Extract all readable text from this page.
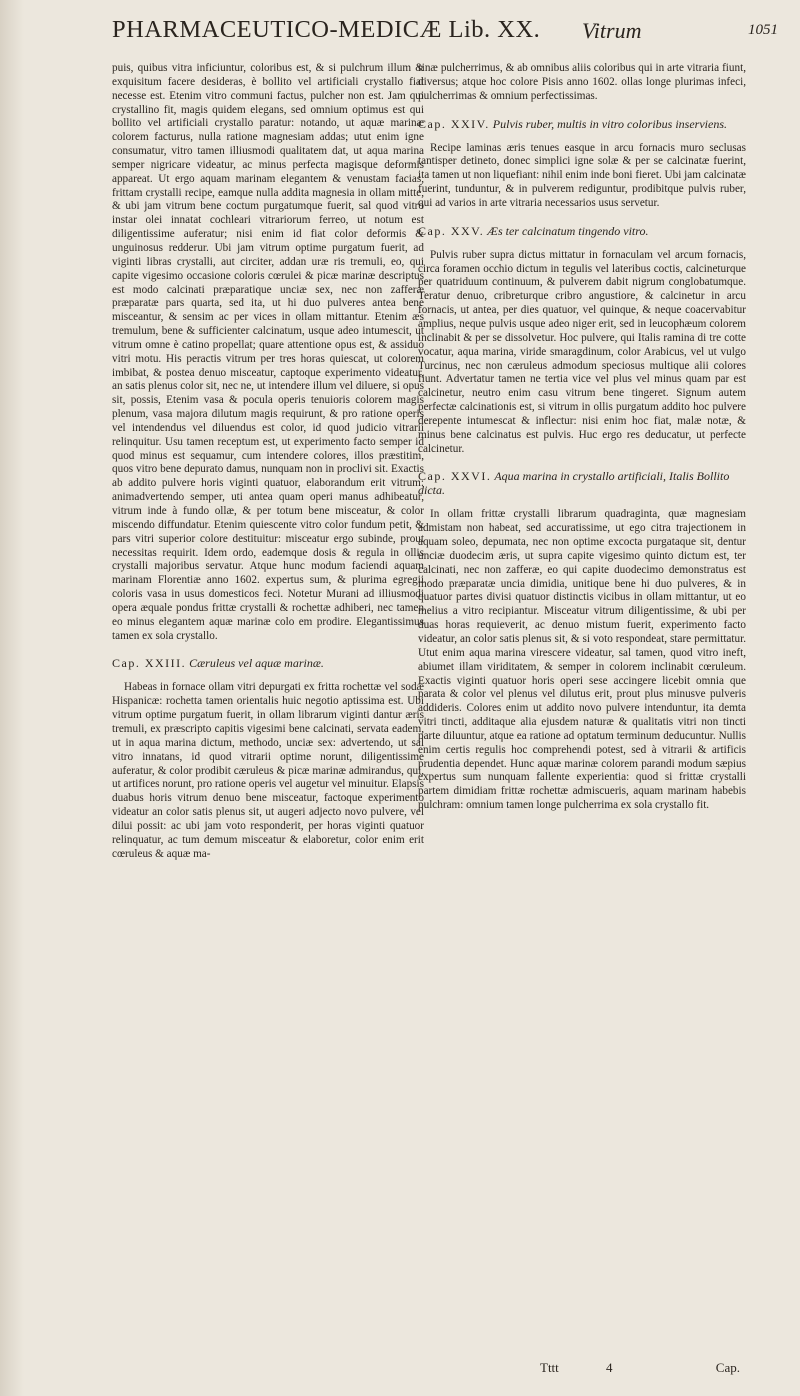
PHARMACEUTICO-MEDICÆ Lib. XX. Vitrum	1051

puis, quibus vitra inficiuntur, coloribus est, & si pulchrum illum & exquisitum facere desideras, è bollito vel artificiali crystallo fiat necesse est. Etenim vitro communi factus, pulcher non est. Jam qui crystallino fit, magis quidem elegans, sed omnium optimus est qui bollito vel artificiali crystallo paratur: notando, ut aquæ marinæ colorem facturus, nulla ratione magnesiam addas; utut enim igne consumatur, vitro tamen illiusmodi qualitatem dat, ut aqua marina semper nigricare videatur, ac minus perfecta magisque deformis appareat. Ut ergo aquam marinam elegantem & venustam facias, frittam crystalli recipe, eamque nulla addita magnesia in ollam mitte, & ubi jam vitrum bene coctum purgatumque fuerit, sal quod vitro instar olei innatat cochleari vitrariorum ferreo, ut notum est diligentissime auferatur; nisi enim id fiat color deformis & unguinosus redderur. Ubi jam vitrum optime purgatum fuerit, ad viginti libras crystalli, aut circiter, addan uræ ris tremuli, eo, qui capite vigesimo occasione coloris cœrulei & picæ marinæ descriptus est modo calcinati præparatique unciæ sex, nec non zafferæ præparatæ pars quarta, sed ita, ut hi duo pulveres antea bene misceantur, & sensim ac per vices in ollam mittantur. Etenim æs tremulum, bene & sufficienter calcinatum, usque adeo intumescit, ut vitrum omne è catino propellat; quare attentione opus est, & assiduo vitri motu. His peractis vitrum per tres horas quiescat, ut colorem imbibat, & postea denuo misceatur, captoque experimento videatur, an satis plenus color sit, nec ne, ut intendere illum vel diluere, si opus sit, possis, Etenim vasa & pocula operis tenuioris colorem magis plenum, vasa majora dilutum magis requirunt, & pro ratione operis vel intendendus vel diluendus est color, id quod judicio vitrarii relinquitur. Usu tamen receptum est, ut experimento facto semper id quod minus est sequamur, cum intendere colores, illos præstitim, quos vitro bene depurato damus, nunquam non in proclivi sit. Exactis ab addito pulvere horis viginti quatuor, elaborandum erit vitrum: animadvertendo semper, uti antea quam operi manus adhibeatur, vitrum inde à fundo ollæ, & per totum bene misceatur, & color miscendo diffundatur. Etenim quiescente vitro color fundum petit, & pars vitri superior colore destituitur: misceatur ergo subinde, prout necessitas requirit. Idem ordo, eademque dosis & regula in ollis crystalli majoribus servatur. Atque hunc modum faciendi aquam marinam Florentiæ anno 1602. expertus sum, & plurima egregii coloris vasa in usus domesticos feci. Notetur Murani ad illiusmodi opera æquale pondus frittæ crystalli & rochettæ adhiberi, nec tamen eo minus elegantem aquæ marinæ colo em prodire. Elegantissimus tamen ex sola crystallo.

Cap. XXIII. Cæruleus vel aquæ marinæ.

Habeas in fornace ollam vitri depurgati ex fritta rochettæ vel sodæ Hispanicæ: rochetta tamen orientalis huic negotio aptissima est. Ubi vitrum optime purgatum fuerit, in ollam librarum viginti dantur æris tremuli, ex præscripto capitis vigesimi bene calcinati, servata eadem, ut in aqua marina dictum, methodo, unciæ sex: advertendo, ut sal vitro innatans, id quod vitrarii optime norunt, diligentissime auferatur, & color prodibit cæruleus & picæ marinæ admirandus, qui, ut artifices norunt, pro ratione operis vel augetur vel minuitur. Elapsis duabus horis vitrum denuo bene misceatur, factoque experimento videatur an color satis plenus sit, ut augeri adjecto novo pulvere, vel dilui possit: ac ubi jam voto responderit, per horas viginti quatuor relinquatur, ac tum demum misceatur & elaboretur, color enim erit cœruleus & aquæ ma-

rinæ pulcherrimus, & ab omnibus aliis coloribus qui in arte vitraria fiunt, diversus; atque hoc colore Pisis anno 1602. ollas longe plurimas infeci, pulcherrimas & omnium perfectissimas.

Cap. XXIV. Pulvis ruber, multis in vitro coloribus inserviens.

Recipe laminas æris tenues easque in arcu fornacis muro seclusas tantisper detineto, donec simplici igne solæ & per se calcinatæ fuerint, ita tamen ut non liquefiant: nihil enim inde boni fieret. Ubi jam calcinatæ fuerint, tunduntur, & in pulverem rediguntur, prodibitque pulvis ruber, qui ad varios in arte vitraria necessarios usus servetur.

Cap. XXV. Æs ter calcinatum tingendo vitro.

Pulvis ruber supra dictus mittatur in fornaculam vel arcum fornacis, circa foramen occhio dictum in tegulis vel lateribus coctis, calcineturque per quatriduum continuum, & pulverem dabit nigrum conglobatumque. Teratur denuo, cribreturque cribro angustiore, & calcinetur in arcu fornacis, ut antea, per dies quatuor, vel quinque, & neque coacervabitur amplius, neque pulvis usque adeo niger erit, sed in leucophæum colorem inclinabit & per se dissolvetur. Hoc pulvere, qui Italis ramina di tre cotte vocatur, aqua marina, viride smaragdinum, color Arabicus, vel ut vulgo Turcinus, nec non cæruleus admodum speciosus multique alii colores fiunt. Advertatur tamen ne tertia vice vel plus vel minus quam par est calcinetur, neutro enim casu vitrum bene tingeret. Signum autem perfectæ calcinationis est, si vitrum in ollis purgatum addito hoc pulvere derepente intumescat & inflectur: nisi enim hoc fiat, malæ notæ, & minus bene calcinatus est pulvis. Huc ergo res deducatur, ut perfecte calcinetur.

Cap. XXVI. Aqua marina in crystallo artificiali, Italis Bollito dicta.

In ollam frittæ crystalli librarum quadraginta, quæ magnesiam admistam non habeat, sed accuratissime, ut ego citra trajectionem in aquam soleo, depumata, nec non optime excocta purgataque sit, dentur unciæ duodecim æris, ut supra capite vigesimo quinto dictum est, ter calcinati, nec non zafferæ, eo qui capite duodecimo demonstratus est modo præparatæ uncia dimidia, unitique bene hi duo pulveres, & in quatuor partes divisi quatuor distinctis vicibus in ollam mittantur, ut eo melius a vitro recipiantur. Misceatur vitrum diligentissime, & ubi per duas horas requieverit, ac denuo mistum fuerit, experimento facto videatur, an color satis plenus sit, & si voto respondeat, stare permittatur. Utut enim aqua marina virescere videatur, sal tamen, quod vitro ineft, abiumet illam viriditatem, & semper in colorem inclinabit cœruleum. Exactis viginti quatuor horis operi sese accingere licebit omnia que parata & color vel plenus vel dilutus erit, prout plus minusve pulveris addideris. Colores enim ut addito novo pulvere intenduntur, ita demta vitri tincti, additaque alia ejusdem naturæ & qualitatis vitri non tincti parte diluuntur, atque ea ratione ad optatum terminum deducuntur. Nullis enim certis regulis hoc comprehendi potest, sed à vitrarii & artificis prudentia dependet. Hunc aquæ marinæ colorem parandi modum sæpius expertus sum nunquam fallente experientia: quod si frittæ crystalli partem dimidiam frittæ rochettæ admiscueris, aquam marinam habebis pulchram: omnium tamen longe pulcherrima ex sola crystallo fit.

Tttt	4	Cap.
